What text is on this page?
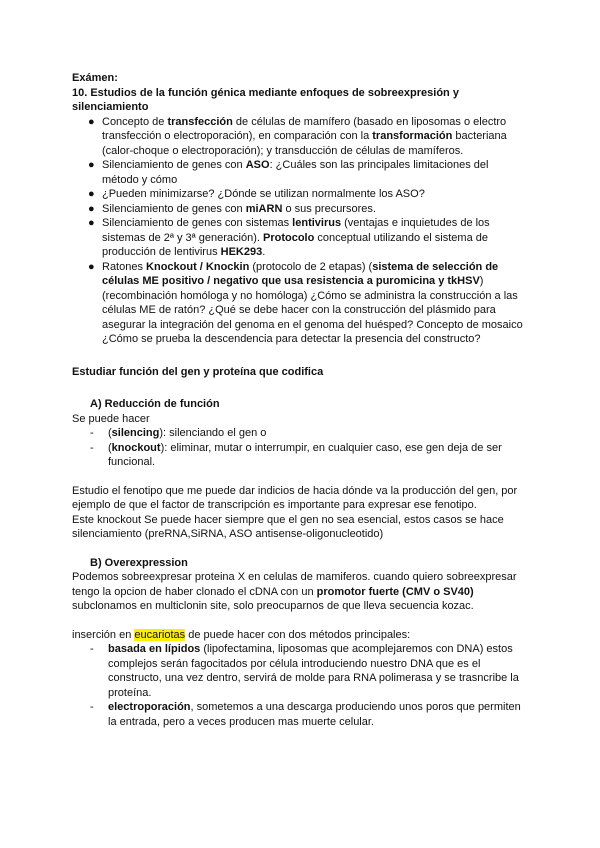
Exámen:

10. Estudios de la función génica mediante enfoques de sobreexpresión y silenciamiento

● Concepto de transfección de células de mamífero (basado en liposomas o electro transfección o electroporación), en comparación con la transformación bacteriana (calor-choque o electroporación); y transducción de células de mamíferos.
● Silenciamiento de genes con ASO: ¿Cuáles son las principales limitaciones del método y cómo
● ¿Pueden minimizarse? ¿Dónde se utilizan normalmente los ASO?
● Silenciamiento de genes con miARN o sus precursores.
● Silenciamiento de genes con sistemas lentivirus (ventajas e inquietudes de los sistemas de 2ª y 3ª generación). Protocolo conceptual utilizando el sistema de producción de lentivirus HEK293.
● Ratones Knockout / Knockin (protocolo de 2 etapas) (sistema de selección de células ME positivo / negativo que usa resistencia a puromicina y tkHSV) (recombinación homóloga y no homóloga) ¿Cómo se administra la construcción a las células ME de ratón? ¿Qué se debe hacer con la construcción del plásmido para asegurar la integración del genoma en el genoma del huésped? Concepto de mosaico ¿Cómo se prueba la descendencia para detectar la presencia del constructo?

Estudiar función del gen y proteína que codifica

A) Reducción de función

Se puede hacer

- (silencing): silenciando el gen o
- (knockout): eliminar, mutar o interrumpir, en cualquier caso, ese gen deja de ser funcional.

Estudio el fenotipo que me puede dar indicios de hacia dónde va la producción del gen, por ejemplo de que el factor de transcripción es importante para expresar ese fenotipo.

Este knockout Se puede hacer siempre que el gen no sea esencial, estos casos se hace silenciamiento (preRNA,SiRNA, ASO antisense-oligonucleotido)

B) Overexpression

Podemos sobreexpresar proteina X en celulas de mamiferos. cuando quiero sobreexpresar tengo la opcion de haber clonado el cDNA con un promotor fuerte (CMV o SV40) subclonamos en multiclonin site, solo preocuparnos de que lleva secuencia kozac.

inserción en eucariotas de puede hacer con dos métodos principales:

- basada en lípidos (lipofectamina, liposomas que acomplejaremos con DNA) estos complejos serán fagocitados por célula introduciendo nuestro DNA que es el constructo, una vez dentro, servirá de molde para RNA polimerasa y se trasncribe la proteína.
- electroporación, sometemos a una descarga produciendo unos poros que permiten la entrada, pero a veces producen mas muerte celular.
